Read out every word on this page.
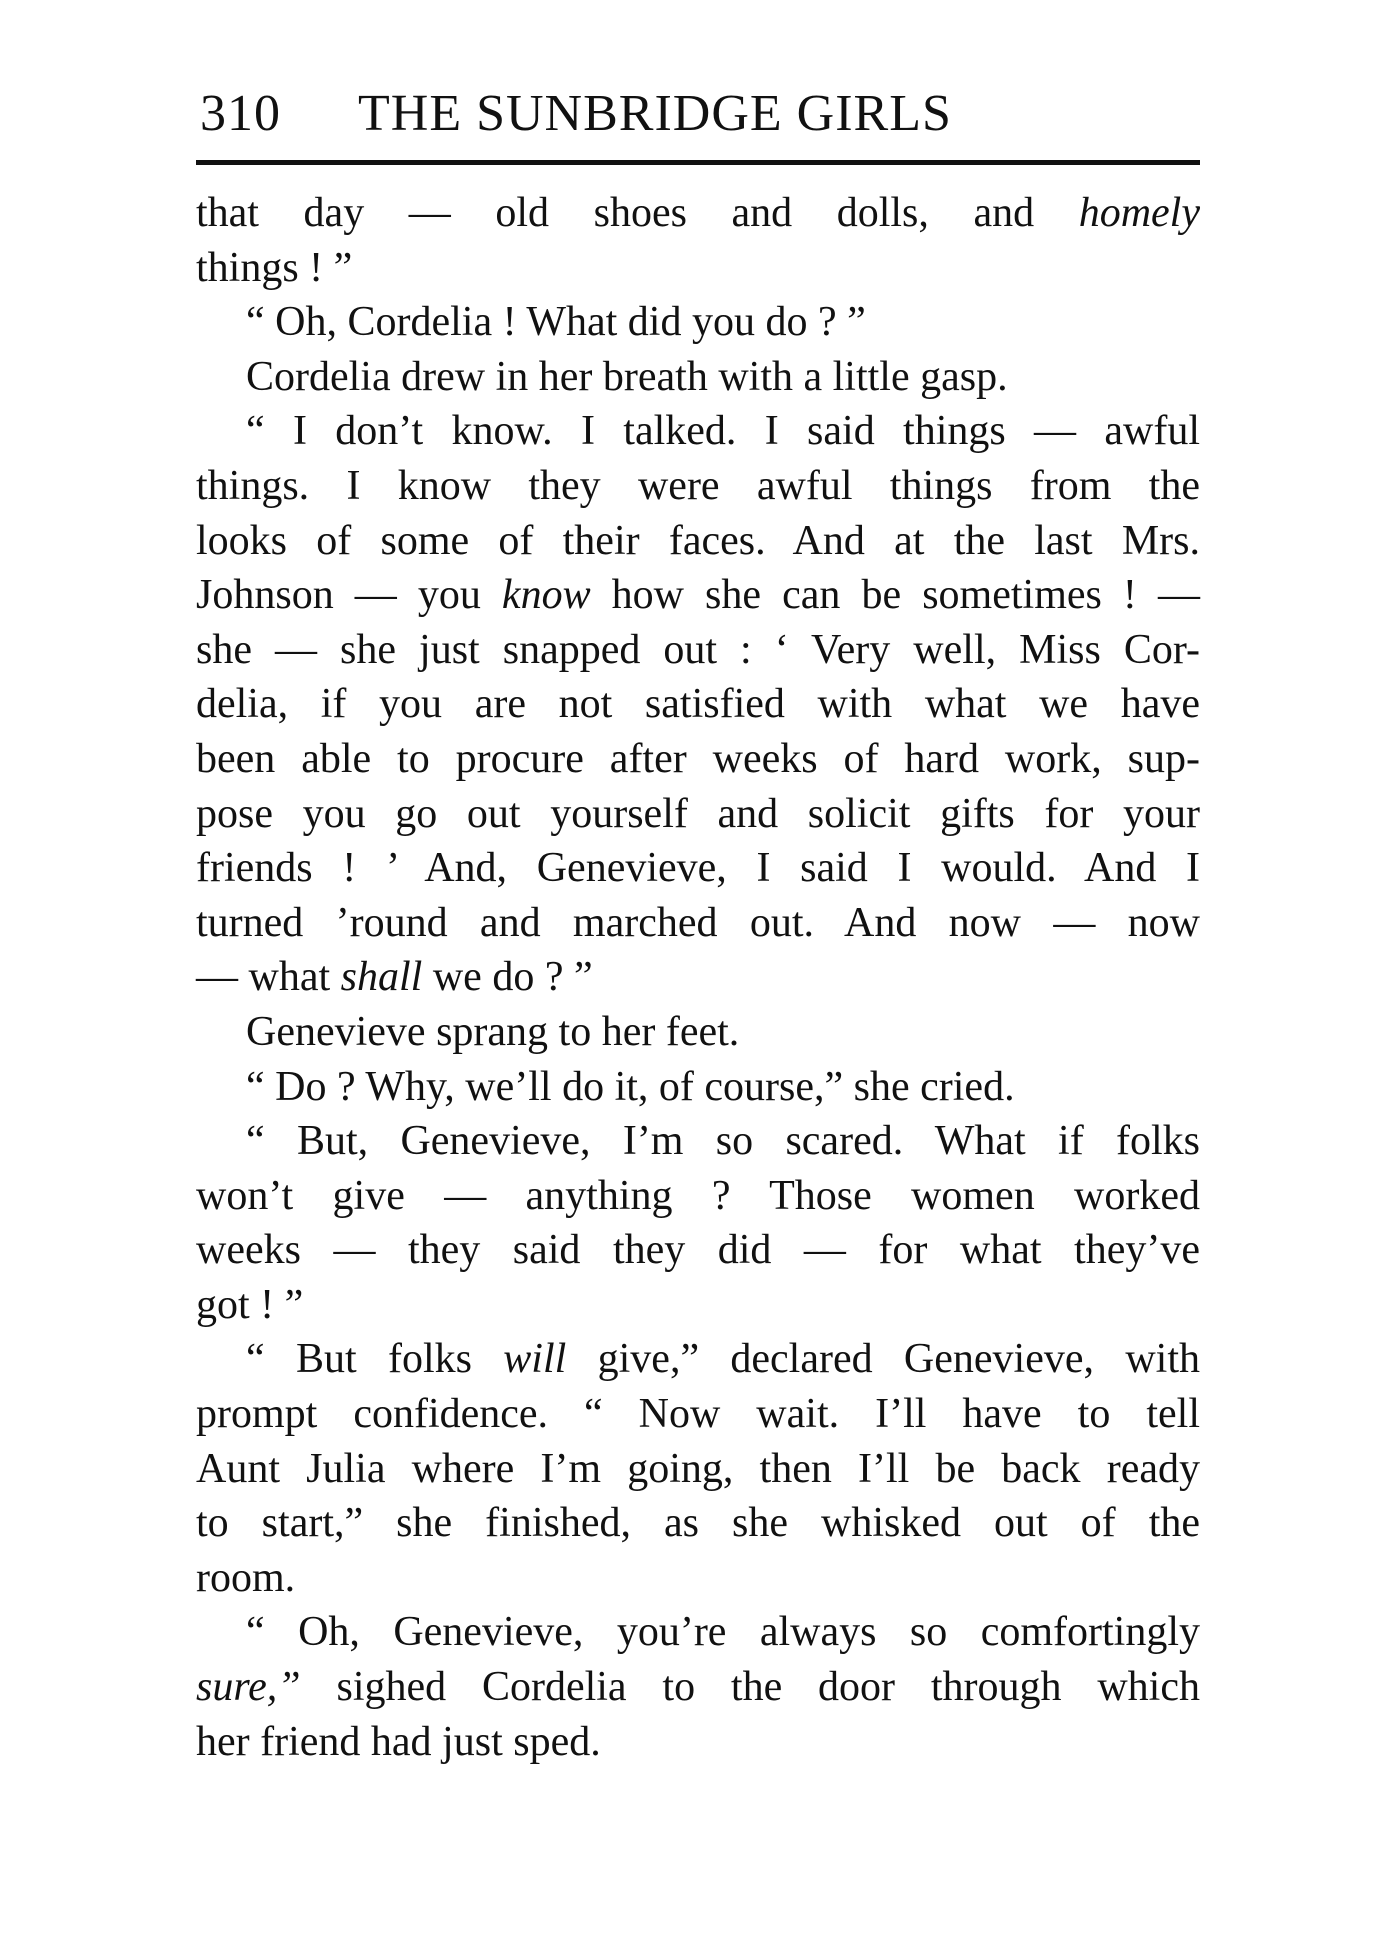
310 THE SUNBRIDGE GIRLS
that day — old shoes and dolls, and homely
things ! ”
“ Oh, Cordelia ! What did you do ? ”
Cordelia drew in her breath with a little gasp.
“ I don’t know. I talked. I said things — awful
things. I know they were awful things from the
looks of some of their faces. And at the last Mrs.
Johnson — you know how she can be sometimes ! —
she — she just snapped out : ‘ Very well, Miss Cor-
delia, if you are not satisfied with what we have
been able to procure after weeks of hard work, sup-
pose you go out yourself and solicit gifts for your
friends ! ’ And, Genevieve, I said I would. And I
turned ’round and marched out. And now — now
— what shall we do ? ”
Genevieve sprang to her feet.
“ Do ? Why, we’ll do it, of course,” she cried.
“ But, Genevieve, I’m so scared. What if folks
won’t give — anything ? Those women worked
weeks — they said they did — for what they’ve
got ! ”
“ But folks will give,” declared Genevieve, with
prompt confidence. “ Now wait. I’ll have to tell
Aunt Julia where I’m going, then I’ll be back ready
to start,” she finished, as she whisked out of the
room.
“ Oh, Genevieve, you’re always so comfortingly
sure,” sighed Cordelia to the door through which
her friend had just sped.
